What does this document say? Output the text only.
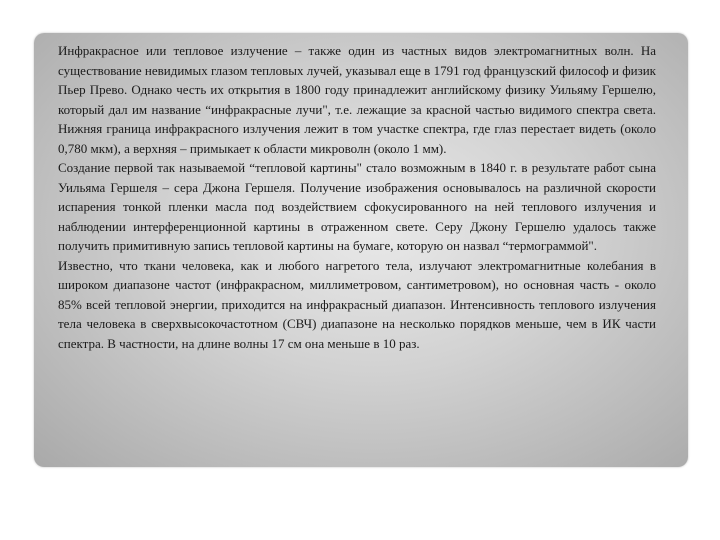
Инфракрасное или тепловое излучение – также один из частных видов электромагнитных волн. На существование невидимых глазом тепловых лучей, указывал еще в 1791 год французский философ и физик Пьер Прево. Однако честь их открытия в 1800 году принадлежит английскому физику Уильяму Гершелю, который дал им название “инфракрасные лучи", т.е. лежащие за красной частью видимого спектра света. Нижняя граница инфракрасного излучения лежит в том участке спектра, где глаз перестает видеть (около 0,780 мкм), а верхняя – примыкает к области микроволн (около 1 мм).

Создание первой так называемой “тепловой картины" стало возможным в 1840 г. в результате работ сына Уильяма Гершеля – сера Джона Гершеля. Получение изображения основывалось на различной скорости испарения тонкой пленки масла под воздействием сфокусированного на ней теплового излучения и наблюдении интерференционной картины в отраженном свете. Серу Джону Гершелю удалось также получить примитивную запись тепловой картины на бумаге, которую он назвал “термограммой".

Известно, что ткани человека, как и любого нагретого тела, излучают электромагнитные колебания в широком диапазоне частот (инфракрасном, миллиметровом, сантиметровом), но основная часть - около 85% всей тепловой энергии, приходится на инфракрасный диапазон. Интенсивность теплового излучения тела человека в сверхвысокочастотном (СВЧ) диапазоне на несколько порядков меньше, чем в ИК части спектра. В частности, на длине волны 17 см она меньше в 10 раз.
